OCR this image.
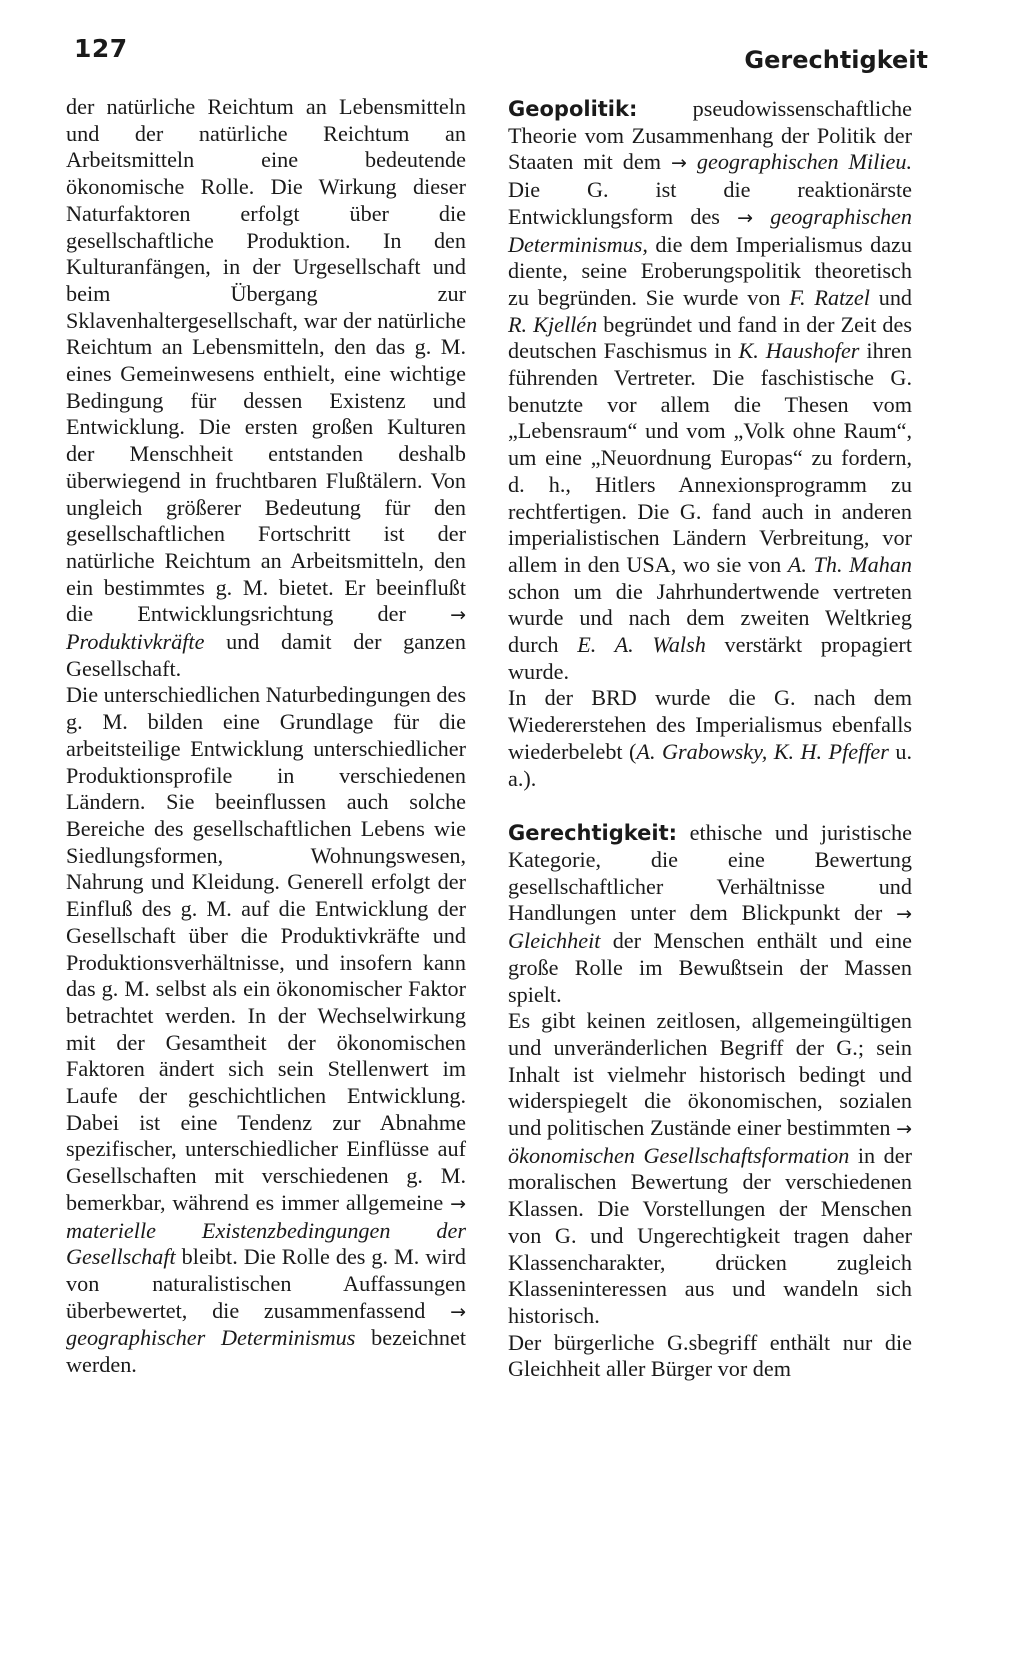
127	Gerechtigkeit

der natürliche Reichtum an Lebensmitteln und der natürliche Reichtum an Arbeitsmitteln eine bedeutende ökonomische Rolle. Die Wirkung dieser Naturfaktoren erfolgt über die gesellschaftliche Produktion. In den Kulturanfängen, in der Urgesellschaft und beim Übergang zur Sklavenhaltergesellschaft, war der natürliche Reichtum an Lebensmitteln, den das g. M. eines Gemeinwesens enthielt, eine wichtige Bedingung für dessen Existenz und Entwicklung. Die ersten großen Kulturen der Menschheit entstanden deshalb überwiegend in fruchtbaren Flußtälern. Von ungleich größerer Bedeutung für den gesellschaftlichen Fortschritt ist der natürliche Reichtum an Arbeitsmitteln, den ein bestimmtes g. M. bietet. Er beeinflußt die Entwicklungsrichtung der → Produktivkräfte und damit der ganzen Gesellschaft.

Die unterschiedlichen Naturbedingungen des g. M. bilden eine Grundlage für die arbeitsteilige Entwicklung unterschiedlicher Produktionsprofile in verschiedenen Ländern. Sie beeinflussen auch solche Bereiche des gesellschaftlichen Lebens wie Siedlungsformen, Wohnungswesen, Nahrung und Kleidung. Generell erfolgt der Einfluß des g. M. auf die Entwicklung der Gesellschaft über die Produktivkräfte und Produktionsverhältnisse, und insofern kann das g. M. selbst als ein ökonomischer Faktor betrachtet werden. In der Wechselwirkung mit der Gesamtheit der ökonomischen Faktoren ändert sich sein Stellenwert im Laufe der geschichtlichen Entwicklung. Dabei ist eine Tendenz zur Abnahme spezifischer, unterschiedlicher Einflüsse auf Gesellschaften mit verschiedenen g. M. bemerkbar, während es immer allgemeine → materielle Existenzbedingungen der Gesellschaft bleibt. Die Rolle des g. M. wird von naturalistischen Auffassungen überbewertet, die zusammenfassend → geographischer Determinismus bezeichnet werden.

Geopolitik: pseudowissenschaftliche Theorie vom Zusammenhang der Politik der Staaten mit dem → geographischen Milieu. Die G. ist die reaktionärste Entwicklungsform des → geographischen Determinismus, die dem Imperialismus dazu diente, seine Eroberungspolitik theoretisch zu begründen. Sie wurde von F. Ratzel und R. Kjellén begründet und fand in der Zeit des deutschen Faschismus in K. Haushofer ihren führenden Vertreter. Die faschistische G. benutzte vor allem die Thesen vom „Lebensraum“ und vom „Volk ohne Raum“, um eine „Neuordnung Europas“ zu fordern, d. h., Hitlers Annexionsprogramm zu rechtfertigen. Die G. fand auch in anderen imperialistischen Ländern Verbreitung, vor allem in den USA, wo sie von A. Th. Mahan schon um die Jahrhundertwende vertreten wurde und nach dem zweiten Weltkrieg durch E. A. Walsh verstärkt propagiert wurde.

In der BRD wurde die G. nach dem Wiedererstehen des Imperialismus ebenfalls wiederbelebt (A. Grabowsky, K. H. Pfeffer u. a.).

Gerechtigkeit: ethische und juristische Kategorie, die eine Bewertung gesellschaftlicher Verhältnisse und Handlungen unter dem Blickpunkt der → Gleichheit der Menschen enthält und eine große Rolle im Bewußtsein der Massen spielt.

Es gibt keinen zeitlosen, allgemeingültigen und unveränderlichen Begriff der G.; sein Inhalt ist vielmehr historisch bedingt und widerspiegelt die ökonomischen, sozialen und politischen Zustände einer bestimmten → ökonomischen Gesellschaftsformation in der moralischen Bewertung der verschiedenen Klassen. Die Vorstellungen der Menschen von G. und Ungerechtigkeit tragen daher Klassencharakter, drücken zugleich Klasseninteressen aus und wandeln sich historisch.

Der bürgerliche G.sbegriff enthält nur die Gleichheit aller Bürger vor dem
